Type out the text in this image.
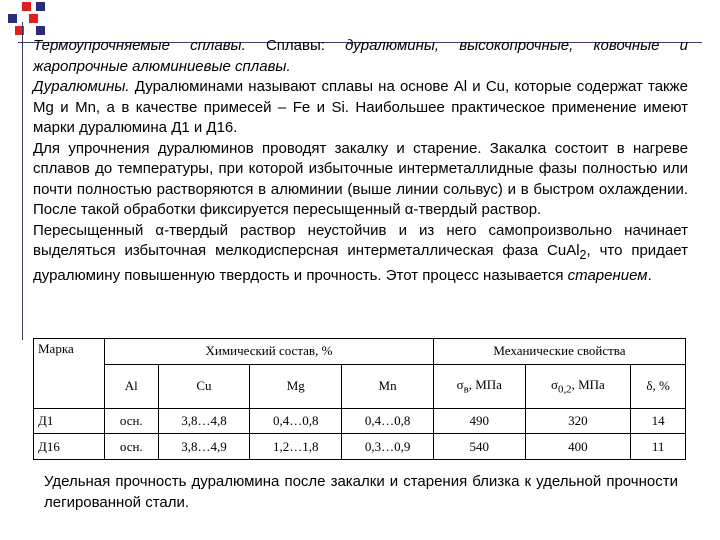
Термоупрочняемые сплавы. Сплавы: дуралюмины, высокопрочные, ковочные и жаропрочные алюминиевые сплавы.

Дуралюмины. Дуралюминами называют сплавы на основе Al и Cu, которые содержат также Mg и Mn, а в качестве примесей – Fe и Si. Наибольшее практическое применение имеют марки дуралюмина Д1 и Д16.

Для упрочнения дуралюминов проводят закалку и старение. Закалка состоит в нагреве сплавов до температуры, при которой избыточные интерметаллидные фазы полностью или почти полностью растворяются в алюминии (выше линии сольвус) и в быстром охлаждении. После такой обработки фиксируется пересыщенный α-твердый раствор.

Пересыщенный α-твердый раствор неустойчив и из него самопроизвольно начинает выделяться избыточная мелкодисперсная интерметаллическая фаза CuAl$_2$, что придает дуралюмину повышенную твердость и прочность. Этот процесс называется старением.

Марка	Химический состав, %				Механические свойства		
	Al	Cu	Mg	Mn	$\sigma_в$, МПа	$\sigma_{0,2}$, МПа	δ, %
Д1	осн.	3,8…4,8	0,4…0,8	0,4…0,8	490	320	14
Д16	осн.	3,8…4,9	1,2…1,8	0,3…0,9	540	400	11
Удельная прочность дуралюмина после закалки и старения близка к удельной прочности легированной стали.
